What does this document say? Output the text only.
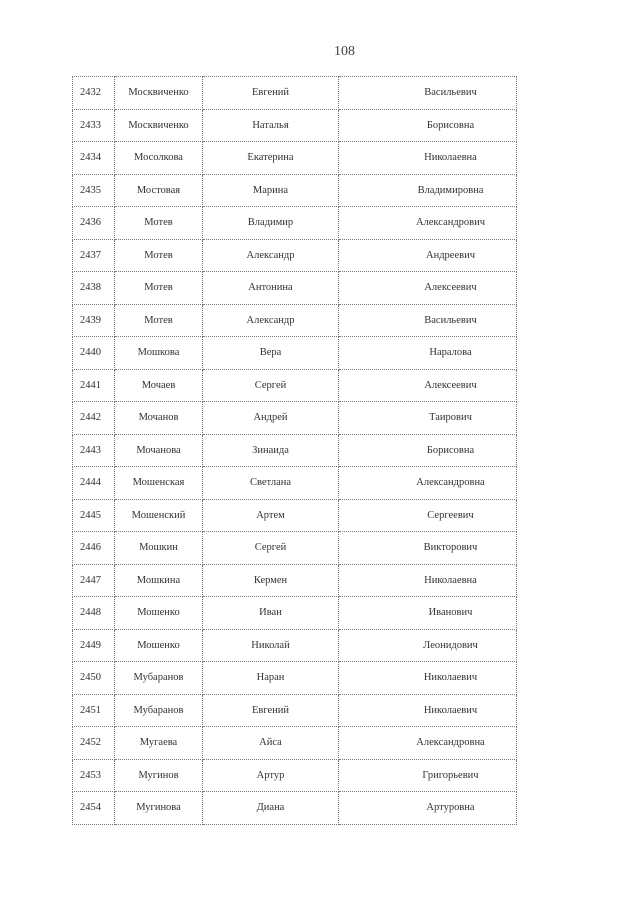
108
2432	Москвиченко	Евгений	Васильевич
2433	Москвиченко	Наталья	Борисовна
2434	Мосолкова	Екатерина	Николаевна
2435	Мостовая	Марина	Владимировна
2436	Мотев	Владимир	Александрович
2437	Мотев	Александр	Андреевич
2438	Мотев	Антонина	Алексеевич
2439	Мотев	Александр	Васильевич
2440	Мошкова	Вера	Наралова
2441	Мочаев	Сергей	Алексеевич
2442	Мочанов	Андрей	Таирович
2443	Мочанова	Зинаида	Борисовна
2444	Мошенская	Светлана	Александровна
2445	Мошенский	Артем	Сергеевич
2446	Мошкин	Сергей	Викторович
2447	Мошкина	Кермен	Николаевна
2448	Мошенко	Иван	Иванович
2449	Мошенко	Николай	Леонидович
2450	Мубаранов	Наран	Николаевич
2451	Мубаранов	Евгений	Николаевич
2452	Мугаева	Айса	Александровна
2453	Мугинов	Артур	Григорьевич
2454	Мугинова	Диана	Артуровна
